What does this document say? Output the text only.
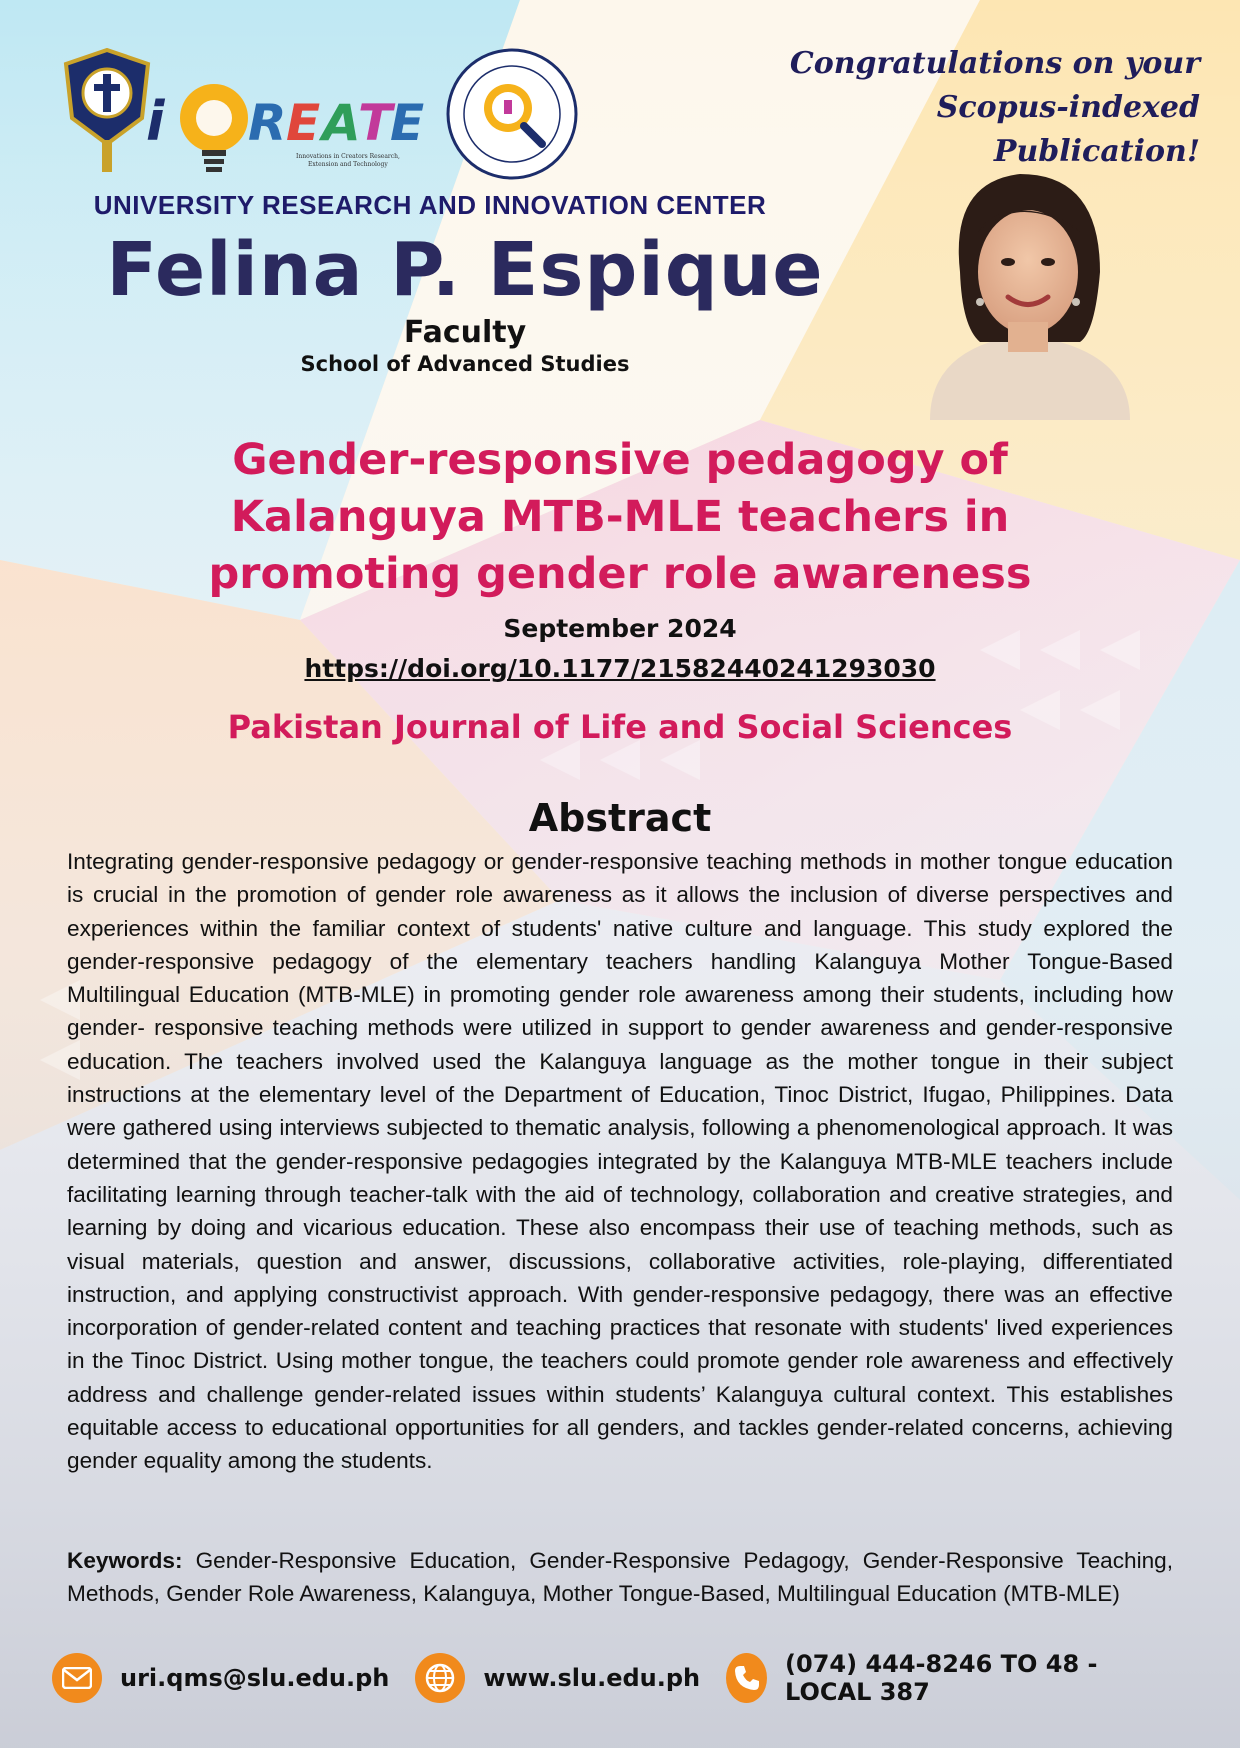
i R E A
T
E
Innovations in Creators Research,
Extension and Technology
Congratulations on your
Scopus-indexed Publication!
UNIVERSITY RESEARCH AND INNOVATION CENTER
Felina P. Espique
Faculty
School of Advanced Studies
Gender-responsive pedagogy of Kalanguya MTB-MLE teachers in promoting gender role awareness
September 2024
https://doi.org/10.1177/21582440241293030
Pakistan Journal of Life and Social Sciences
Abstract
Integrating gender-responsive pedagogy or gender-responsive teaching methods in mother tongue education is crucial in the promotion of gender role awareness as it allows the inclusion of diverse perspectives and experiences within the familiar context of students' native culture and language. This study explored the gender-responsive pedagogy of the elementary teachers handling Kalanguya Mother Tongue-Based Multilingual Education (MTB-MLE) in promoting gender role awareness among their students, including how gender- responsive teaching methods were utilized in support to gender awareness and gender-responsive education. The teachers involved used the Kalanguya language as the mother tongue in their subject instructions at the elementary level of the Department of Education, Tinoc District, Ifugao, Philippines. Data were gathered using interviews subjected to thematic analysis, following a phenomenological approach. It was determined that the gender-responsive pedagogies integrated by the Kalanguya MTB-MLE teachers include facilitating learning through teacher-talk with the aid of technology, collaboration and creative strategies, and learning by doing and vicarious education. These also encompass their use of teaching methods, such as visual materials, question and answer, discussions, collaborative activities, role-playing, differentiated instruction, and applying constructivist approach. With gender-responsive pedagogy, there was an effective incorporation of gender-related content and teaching practices that resonate with students' lived experiences in the Tinoc District. Using mother tongue, the teachers could promote gender role awareness and effectively address and challenge gender-related issues within students’ Kalanguya cultural context. This establishes equitable access to educational opportunities for all genders, and tackles gender-related concerns, achieving gender equality among the students.
Keywords: Gender-Responsive Education, Gender-Responsive Pedagogy, Gender-Responsive Teaching, Methods, Gender Role Awareness, Kalanguya, Mother Tongue-Based, Multilingual Education (MTB-MLE)
uri.qms@slu.edu.ph	www.slu.edu.ph	(074) 444-8246 TO 48 - LOCAL 387
